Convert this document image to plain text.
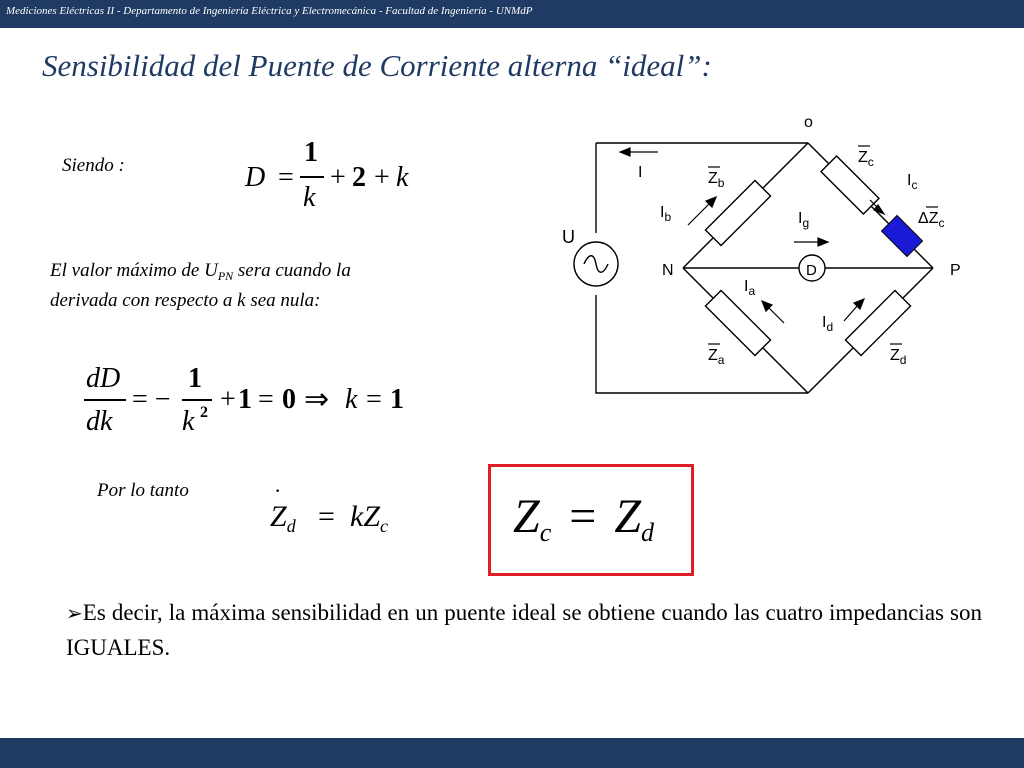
Mediciones Eléctricas II - Departamento de Ingeniería Eléctrica y Electromecánica - Facultad de Ingeniería - UNMdP
Sensibilidad del Puente de Corriente alterna “ideal”:
Siendo :	D =
1
k
+ 2 + k
El valor máximo de $U_{PN}$ sera cuando la
derivada con respecto a k sea nula:
dD
dk
= −
1
k 2 + 1 = 0 ⇒ k = 1
Por lo tanto	·
$Z_d = kZ_c$	Zc = Zd
o
N	P
U
I
D
$I_b$
$I_c$
$I_g$
$I_a$
$I_d$
$Z_b$
$Z_c$
$Z_a$	$Z_d$
$\Delta Z_c$
➢Es decir, la máxima sensibilidad en un puente ideal se obtiene cuando las cuatro impedancias son IGUALES.
